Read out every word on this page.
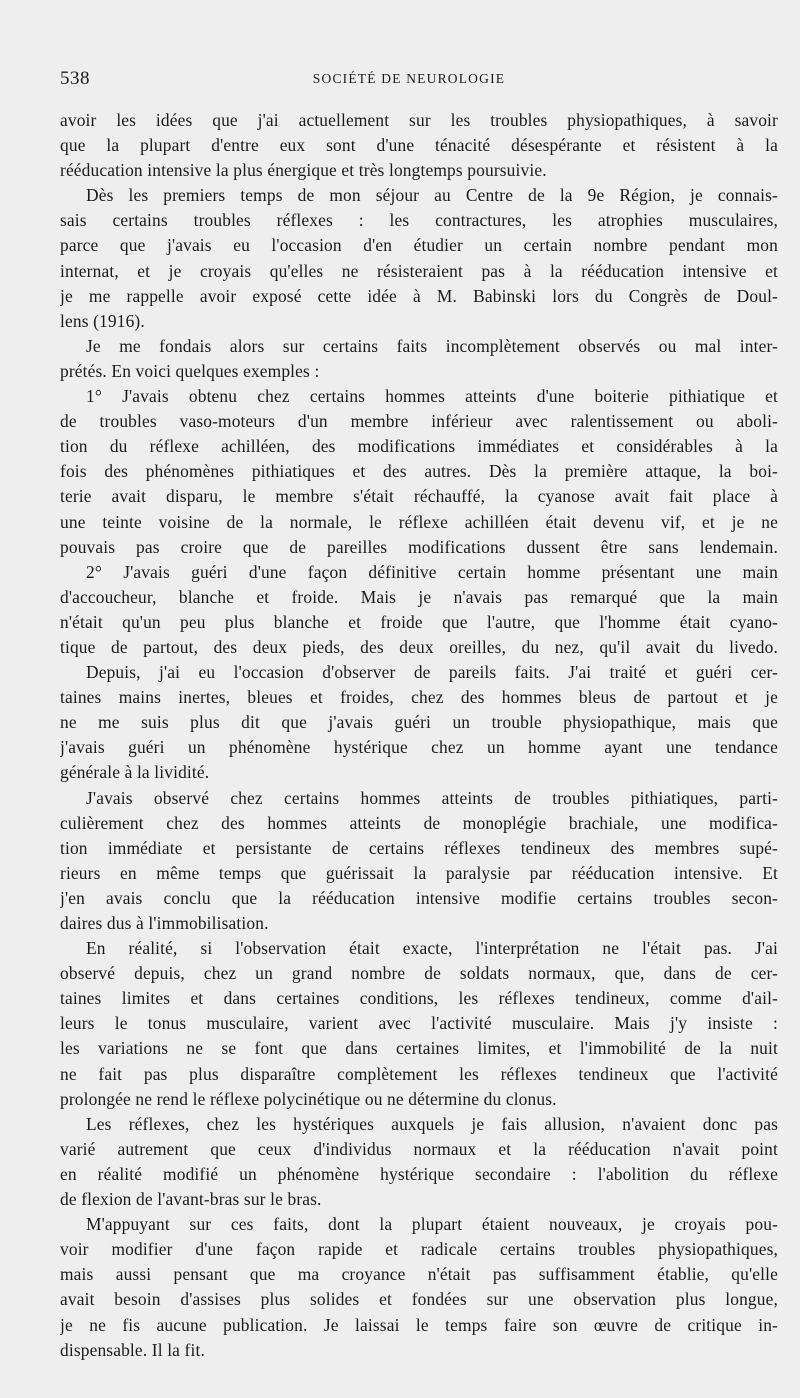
538	SOCIÉTÉ DE NEUROLOGIE
avoir les idées que j'ai actuellement sur les troubles physiopathiques, à savoir
que la plupart d'entre eux sont d'une ténacité désespérante et résistent à la
rééducation intensive la plus énergique et très longtemps poursuivie.
Dès les premiers temps de mon séjour au Centre de la 9e Région, je connais-
sais certains troubles réflexes : les contractures, les atrophies musculaires,
parce que j'avais eu l'occasion d'en étudier un certain nombre pendant mon
internat, et je croyais qu'elles ne résisteraient pas à la rééducation intensive et
je me rappelle avoir exposé cette idée à M. Babinski lors du Congrès de Doul-
lens (1916).
Je me fondais alors sur certains faits incomplètement observés ou mal inter-
prétés. En voici quelques exemples :
1° J'avais obtenu chez certains hommes atteints d'une boiterie pithiatique et
de troubles vaso-moteurs d'un membre inférieur avec ralentissement ou aboli-
tion du réflexe achilléen, des modifications immédiates et considérables à la
fois des phénomènes pithiatiques et des autres. Dès la première attaque, la boi-
terie avait disparu, le membre s'était réchauffé, la cyanose avait fait place à
une teinte voisine de la normale, le réflexe achilléen était devenu vif, et je ne
pouvais pas croire que de pareilles modifications dussent être sans lendemain.
2° J'avais guéri d'une façon définitive certain homme présentant une main
d'accoucheur, blanche et froide. Mais je n'avais pas remarqué que la main
n'était qu'un peu plus blanche et froide que l'autre, que l'homme était cyano-
tique de partout, des deux pieds, des deux oreilles, du nez, qu'il avait du livedo.
Depuis, j'ai eu l'occasion d'observer de pareils faits. J'ai traité et guéri cer-
taines mains inertes, bleues et froides, chez des hommes bleus de partout et je
ne me suis plus dit que j'avais guéri un trouble physiopathique, mais que
j'avais guéri un phénomène hystérique chez un homme ayant une tendance
générale à la lividité.
J'avais observé chez certains hommes atteints de troubles pithiatiques, parti-
culièrement chez des hommes atteints de monoplégie brachiale, une modifica-
tion immédiate et persistante de certains réflexes tendineux des membres supé-
rieurs en même temps que guérissait la paralysie par rééducation intensive. Et
j'en avais conclu que la rééducation intensive modifie certains troubles secon-
daires dus à l'immobilisation.
En réalité, si l'observation était exacte, l'interprétation ne l'était pas. J'ai
observé depuis, chez un grand nombre de soldats normaux, que, dans de cer-
taines limites et dans certaines conditions, les réflexes tendineux, comme d'ail-
leurs le tonus musculaire, varient avec l'activité musculaire. Mais j'y insiste :
les variations ne se font que dans certaines limites, et l'immobilité de la nuit
ne fait pas plus disparaître complètement les réflexes tendineux que l'activité
prolongée ne rend le réflexe polycinétique ou ne détermine du clonus.
Les réflexes, chez les hystériques auxquels je fais allusion, n'avaient donc pas
varié autrement que ceux d'individus normaux et la rééducation n'avait point
en réalité modifié un phénomène hystérique secondaire : l'abolition du réflexe
de flexion de l'avant-bras sur le bras.
M'appuyant sur ces faits, dont la plupart étaient nouveaux, je croyais pou-
voir modifier d'une façon rapide et radicale certains troubles physiopathiques,
mais aussi pensant que ma croyance n'était pas suffisamment établie, qu'elle
avait besoin d'assises plus solides et fondées sur une observation plus longue,
je ne fis aucune publication. Je laissai le temps faire son œuvre de critique in-
dispensable. Il la fit.
